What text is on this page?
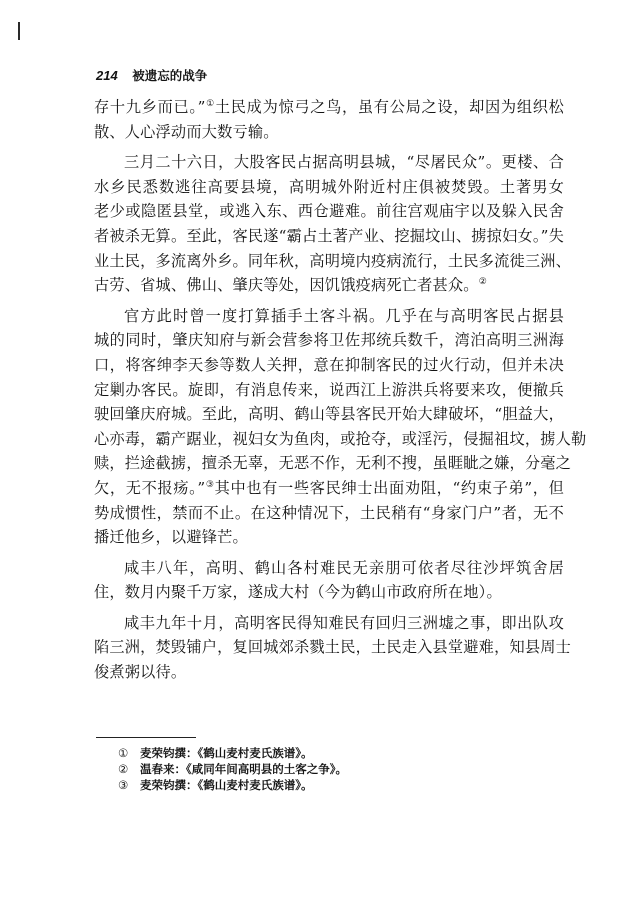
214 被遗忘的战争
存十九乡而已。”①土民成为惊弓之鸟，虽有公局之设，却因为组织松
散、人心浮动而大数亏输。
三月二十六日，大股客民占据高明县城，“尽屠民众”。更楼、合
水乡民悉数逃往高要县境，高明城外附近村庄俱被焚毁。土著男女
老少或隐匿县堂，或逃入东、西仓避难。前往宫观庙宇以及躲入民舍
者被杀无算。至此，客民遂“霸占土著产业、挖掘坟山、掳掠妇女。”失
业土民，多流离外乡。同年秋，高明境内疫病流行，土民多流徙三洲、
古劳、省城、佛山、肇庆等处，因饥饿疫病死亡者甚众。②
官方此时曾一度打算插手土客斗祸。几乎在与高明客民占据县
城的同时，肇庆知府与新会营参将卫佐邦统兵数千，湾泊高明三洲海
口，将客绅李天参等数人关押，意在抑制客民的过火行动，但并未决
定剿办客民。旋即，有消息传来，说西江上游洪兵将要来攻，便撤兵
驶回肇庆府城。至此，高明、鹤山等县客民开始大肆破坏，“胆益大，
心亦毒，霸产踞业，视妇女为鱼肉，或抢夺，或淫污，侵掘祖坟，掳人勒
赎，拦途截掳，擅杀无辜，无恶不作，无利不搜，虽睚眦之嫌，分毫之
欠，无不报疡。”③其中也有一些客民绅士出面劝阻，“约束子弟”，但
势成惯性，禁而不止。在这种情况下，土民稍有“身家门户”者，无不
播迁他乡，以避锋芒。
咸丰八年，高明、鹤山各村难民无亲朋可依者尽往沙坪筑舍居
住，数月内聚千万家，遂成大村（今为鹤山市政府所在地）。
咸丰九年十月，高明客民得知难民有回归三洲墟之事，即出队攻
陷三洲，焚毁铺户，复回城郊杀戮土民，土民走入县堂避难，知县周士
俊煮粥以待。
① 麦荣钧撰：《鹤山麦村麦氏族谱》。
② 温春来：《咸同年间高明县的土客之争》。
③ 麦荣钧撰：《鹤山麦村麦氏族谱》。
